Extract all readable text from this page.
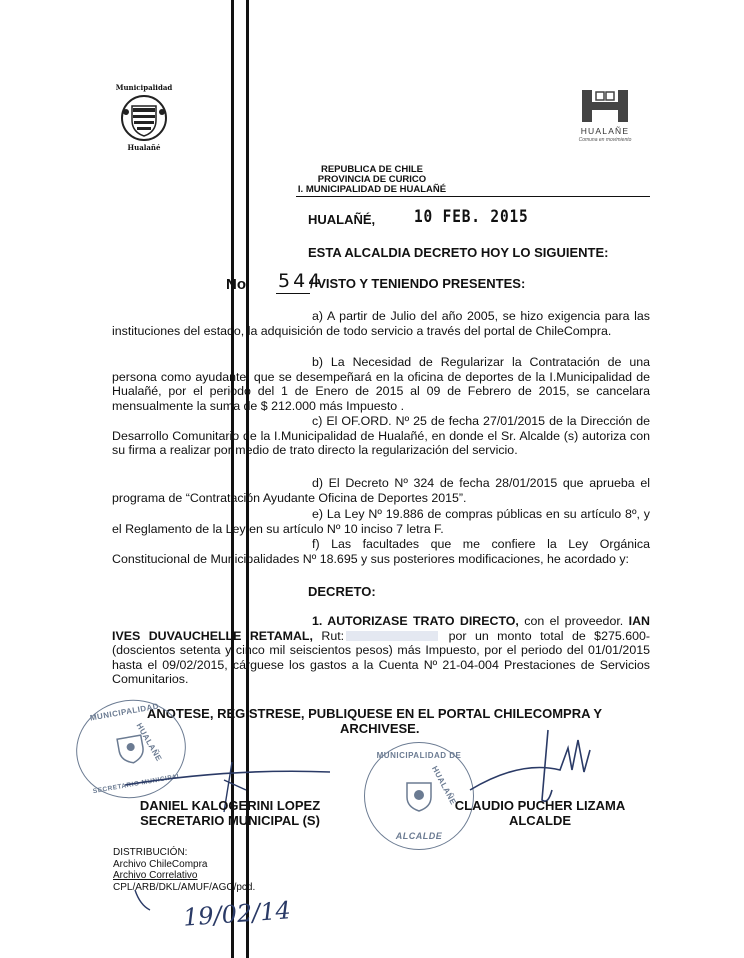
Municipalidad
Hualañé
HUALAÑE
Comuna en movimiento
REPUBLICA DE CHILE
PROVINCIA DE CURICO
I. MUNICIPALIDAD DE HUALAÑÉ
HUALAÑÉ, 10 FEB. 2015
ESTA ALCALDIA DECRETO HOY LO SIGUIENTE:
No 544
/ VISTO Y TENIENDO PRESENTES:
a) A partir de Julio del año 2005, se hizo exigencia para las instituciones del estado, la adquisición de todo servicio a través del portal de ChileCompra.
b) La Necesidad de Regularizar la Contratación de una persona como ayudante, que se desempeñará en la oficina de deportes de la I.Municipalidad de Hualañé, por el periodo del 1 de Enero de 2015 al 09 de Febrero de 2015, se cancelara mensualmente la suma de $ 212.000 más Impuesto .
c) El OF.ORD. Nº 25 de fecha 27/01/2015 de la Dirección de Desarrollo Comunitario de la I.Municipalidad de Hualañé, en donde el Sr. Alcalde (s) autoriza con su firma a realizar por medio de trato directo la regularización del servicio.
d) El Decreto Nº 324 de fecha 28/01/2015 que aprueba el programa de “Contratación Ayudante Oficina de Deportes 2015”.
e) La Ley Nº 19.886 de compras públicas en su artículo 8º, y el Reglamento de la Ley en su artículo Nº 10 inciso 7 letra F.
f) Las facultades que me confiere la Ley Orgánica Constitucional de Municipalidades Nº 18.695 y sus posteriores modificaciones, he acordado y:
DECRETO:
1. AUTORIZASE TRATO DIRECTO, con el proveedor. IAN IVES DUVAUCHELLE RETAMAL, Rut:	por un monto total de $275.600- (doscientos setenta y cinco mil seiscientos pesos) más Impuesto, por el periodo del 01/01/2015 hasta el 09/02/2015, cárguese los gastos a la Cuenta Nº 21-04-004 Prestaciones de Servicios Comunitarios.
ANOTESE, REGISTRESE, PUBLIQUESE EN EL PORTAL CHILECOMPRA Y
ARCHIVESE.
MUNICIPALIDAD
HUALAÑE
SECRETARIO MUNICIPAL
MUNICIPALIDAD DE
HUALAÑE
ALCALDE
DANIEL KALOGERINI LOPEZ
SECRETARIO MUNICIPAL (S)
CLAUDIO PUCHER LIZAMA
ALCALDE
DISTRIBUCIÓN:
Archivo ChileCompra
Archivo Correlativo
CPL/ARB/DKL/AMUF/AGC/pcd.
19/02/14
